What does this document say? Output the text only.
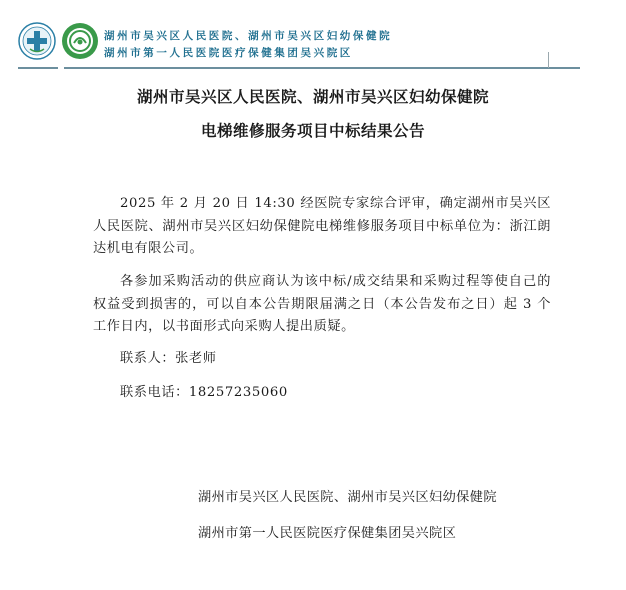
湖州市吴兴区人民医院、湖州市吴兴区妇幼保健院
湖州市第一人民医院医疗保健集团吴兴院区
湖州市吴兴区人民医院、湖州市吴兴区妇幼保健院
电梯维修服务项目中标结果公告
2025 年 2 月 20 日 14:30 经医院专家综合评审，确定湖州市吴兴区人民医院、湖州市吴兴区妇幼保健院电梯维修服务项目中标单位为：浙江朗达机电有限公司。
各参加采购活动的供应商认为该中标/成交结果和采购过程等使自己的权益受到损害的，可以自本公告期限届满之日（本公告发布之日）起 3 个工作日内，以书面形式向采购人提出质疑。
联系人：张老师
联系电话：18257235060
湖州市吴兴区人民医院、湖州市吴兴区妇幼保健院
湖州市第一人民医院医疗保健集团吴兴院区
